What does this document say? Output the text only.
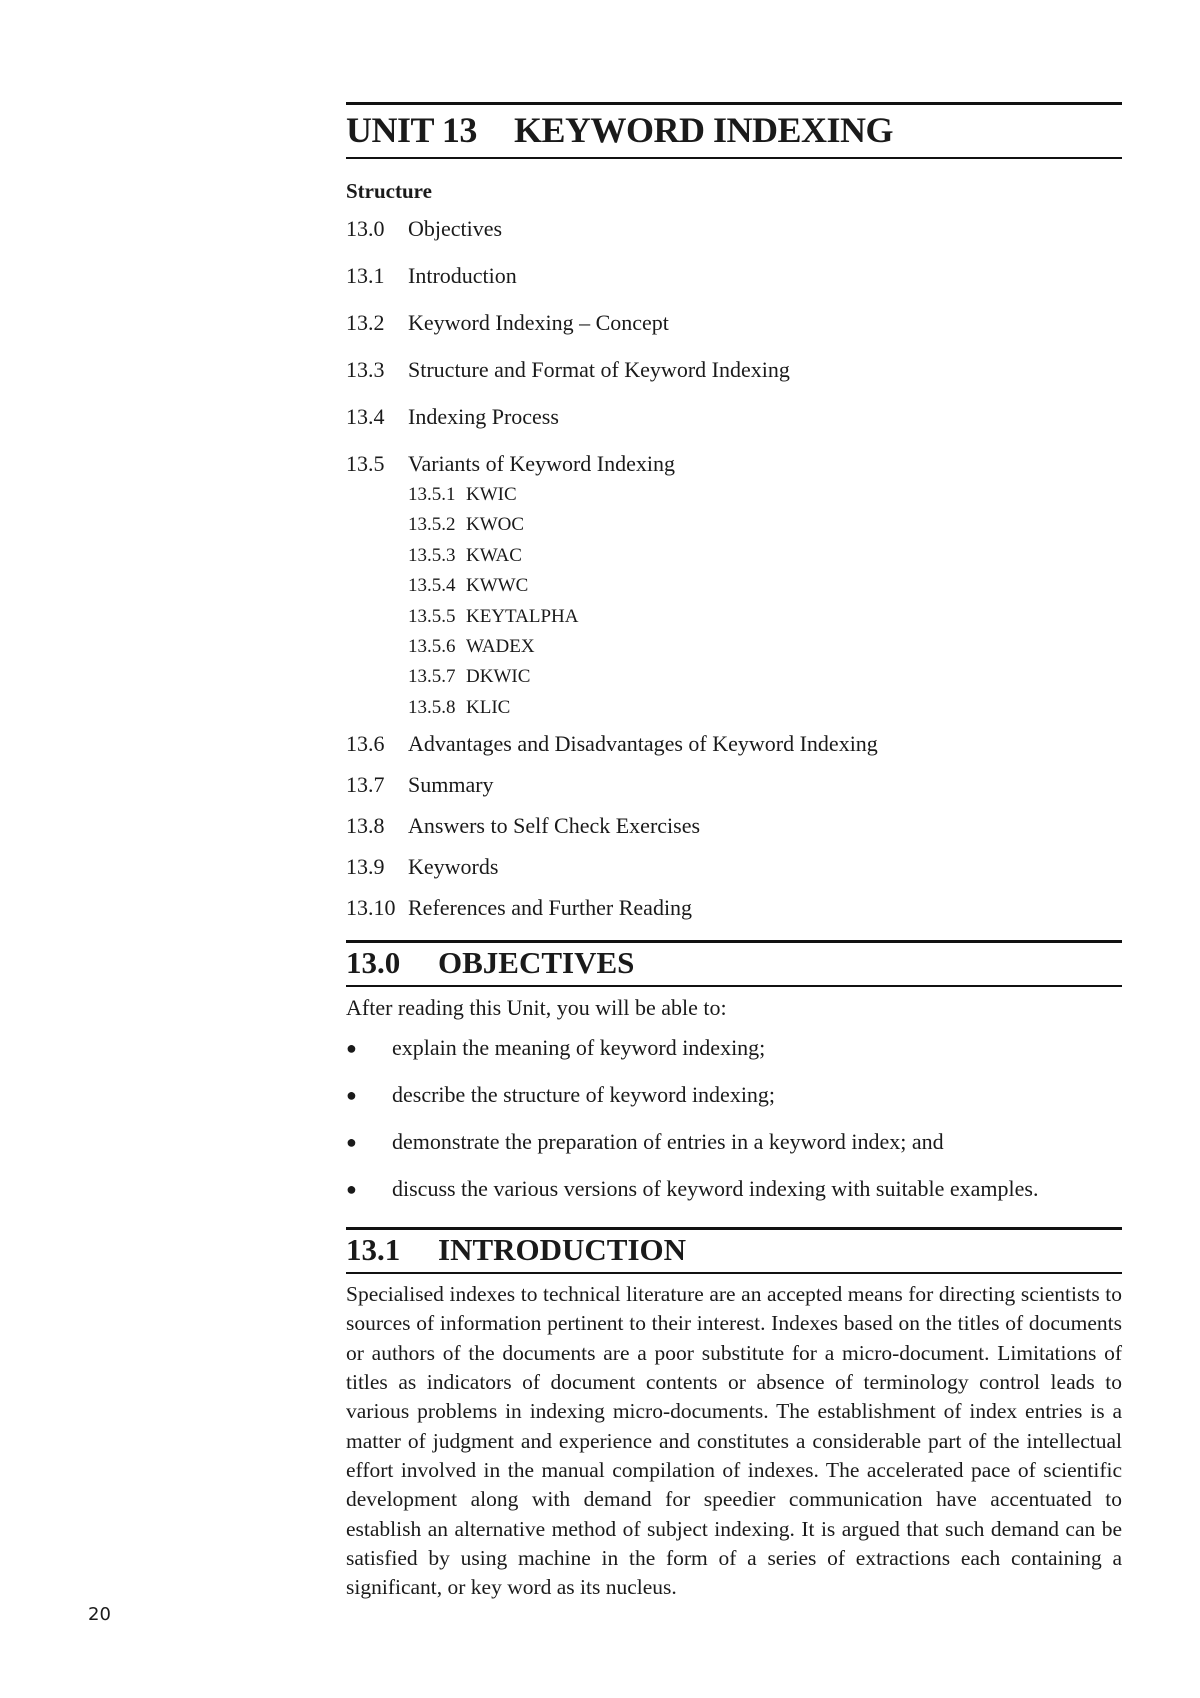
UNIT 13	KEYWORD INDEXING
Structure
13.0	Objectives
13.1	Introduction
13.2	Keyword Indexing – Concept
13.3	Structure and Format of Keyword Indexing
13.4	Indexing Process
13.5	Variants of Keyword Indexing
13.5.1 KWIC
13.5.2 KWOC
13.5.3 KWAC
13.5.4 KWWC
13.5.5 KEYTALPHA
13.5.6 WADEX
13.5.7 DKWIC
13.5.8 KLIC
13.6	Advantages and Disadvantages of Keyword Indexing
13.7	Summary
13.8	Answers to Self Check Exercises
13.9	Keywords
13.10 References and Further Reading
13.0	OBJECTIVES
After reading this Unit, you will be able to:
●	explain the meaning of keyword indexing;
●	describe the structure of keyword indexing;
●	demonstrate the preparation of entries in a keyword index; and
●	discuss the various versions of keyword indexing with suitable examples.
13.1	INTRODUCTION
Specialised indexes to technical literature are an accepted means for directing scientists to sources of information pertinent to their interest. Indexes based on the titles of documents or authors of the documents are a poor substitute for a micro-document. Limitations of titles as indicators of document contents or absence of terminology control leads to various problems in indexing micro-documents. The establishment of index entries is a matter of judgment and experience and constitutes a considerable part of the intellectual effort involved in the manual compilation of indexes. The accelerated pace of scientific development along with demand for speedier communication have accentuated to establish an alternative method of subject indexing. It is argued that such demand can be satisfied by using machine in the form of a series of extractions each containing a significant, or key word as its nucleus.
20
